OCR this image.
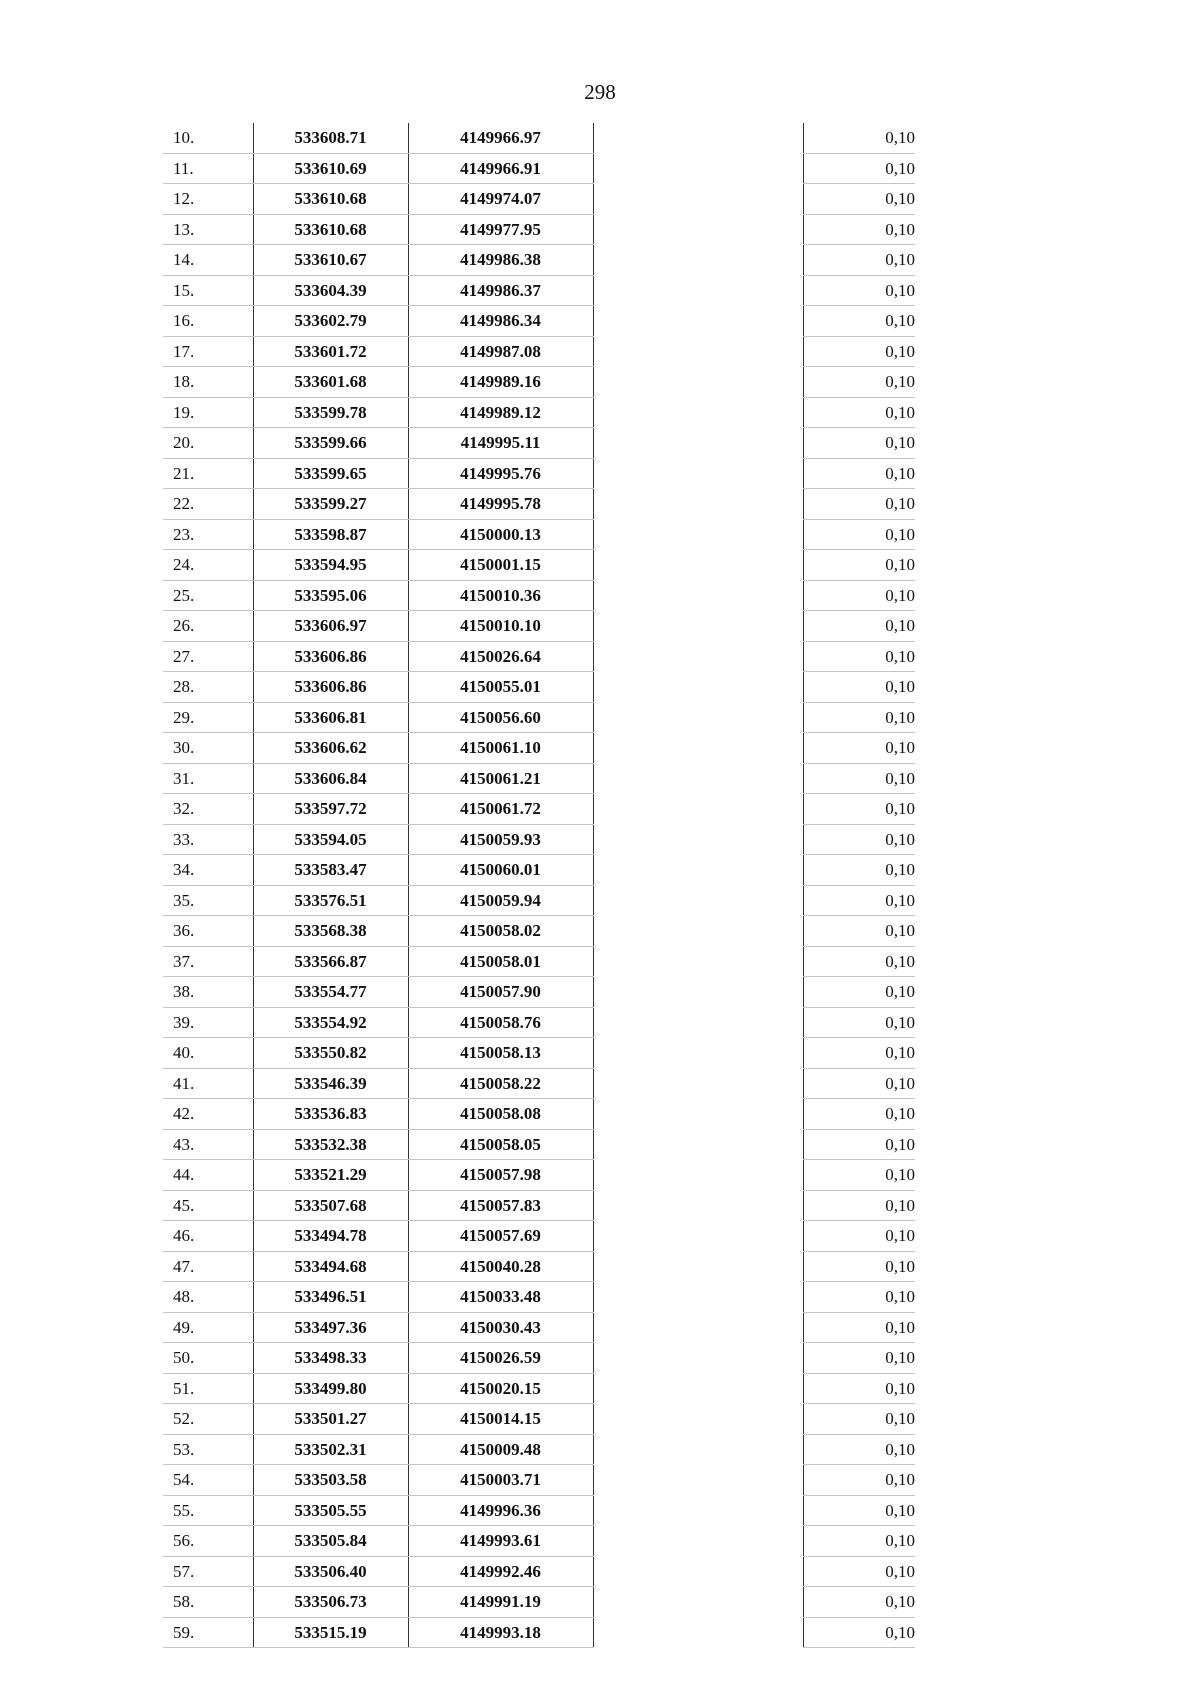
298
10.	533608.71	4149966.97	0,10
11.	533610.69	4149966.91	0,10
12.	533610.68	4149974.07	0,10
13.	533610.68	4149977.95	0,10
14.	533610.67	4149986.38	0,10
15.	533604.39	4149986.37	0,10
16.	533602.79	4149986.34	0,10
17.	533601.72	4149987.08	0,10
18.	533601.68	4149989.16	0,10
19.	533599.78	4149989.12	0,10
20.	533599.66	4149995.11	0,10
21.	533599.65	4149995.76	0,10
22.	533599.27	4149995.78	0,10
23.	533598.87	4150000.13	0,10
24.	533594.95	4150001.15	0,10
25.	533595.06	4150010.36	0,10
26.	533606.97	4150010.10	0,10
27.	533606.86	4150026.64	0,10
28.	533606.86	4150055.01	0,10
29.	533606.81	4150056.60	0,10
30.	533606.62	4150061.10	0,10
31.	533606.84	4150061.21	0,10
32.	533597.72	4150061.72	0,10
33.	533594.05	4150059.93	0,10
34.	533583.47	4150060.01	0,10
35.	533576.51	4150059.94	0,10
36.	533568.38	4150058.02	0,10
37.	533566.87	4150058.01	0,10
38.	533554.77	4150057.90	0,10
39.	533554.92	4150058.76	0,10
40.	533550.82	4150058.13	0,10
41.	533546.39	4150058.22	0,10
42.	533536.83	4150058.08	0,10
43.	533532.38	4150058.05	0,10
44.	533521.29	4150057.98	0,10
45.	533507.68	4150057.83	0,10
46.	533494.78	4150057.69	0,10
47.	533494.68	4150040.28	0,10
48.	533496.51	4150033.48	0,10
49.	533497.36	4150030.43	0,10
50.	533498.33	4150026.59	0,10
51.	533499.80	4150020.15	0,10
52.	533501.27	4150014.15	0,10
53.	533502.31	4150009.48	0,10
54.	533503.58	4150003.71	0,10
55.	533505.55	4149996.36	0,10
56.	533505.84	4149993.61	0,10
57.	533506.40	4149992.46	0,10
58.	533506.73	4149991.19	0,10
59.	533515.19	4149993.18	0,10
